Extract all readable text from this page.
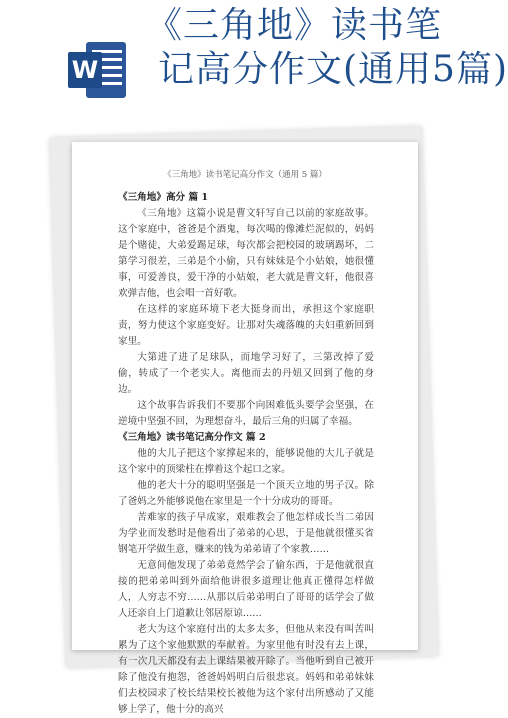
W
《三角地》读书笔
记高分作文(通用5篇)
《三角地》读书笔记高分作文（通用 5 篇）
《三角地》高分 篇 1

《三角地》这篇小说是曹文轩写自己以前的家庭故事。这个家庭中，爸爸是个酒鬼，每次喝的像滩烂泥似的，妈妈是个赌徒，大弟爱踢足球，每次都会把校园的玻璃踢坏，二第学习很差，三弟是个小偷，只有妹妹是个小姑娘，她很懂事，可爱善良，爱干净的小姑娘，老大就是曹文轩，他很喜欢弹吉他，也会唱一首好歌。

在这样的家庭环境下老大挺身而出，承担这个家庭职责，努力使这个家庭变好。让那对失魂落魄的夫妇重新回到家里。

大第进了进了足球队，而地学习好了，三第改掉了爱偷，转成了一个老实人。离他而去的丹妞又回到了他的身边。

这个故事告诉我们不要那个向困难低头要学会坚强，在逆境中坚强不回，为理想奋斗，最后三角的归属了幸福。

《三角地》读书笔记高分作文 篇 2

他的大儿子把这个家撑起来的，能够说他的大儿子就是这个家中的顶梁柱在撑着这个起口之家。

他的老大十分的聪明坚强是一个顶天立地的男子汉。除了爸妈之外能够说他在家里是一个十分成功的哥哥。

苦难家的孩子早成家，艰难教会了他怎样成长当二弟因为学业而发愁时是他看出了弟弟的心思，于是他就很懂买省钢笔开学做生意，赚来的钱为弟弟请了个家教……

无意间他发现了弟弟竟然学会了偷东西，于是他就很直接的把弟弟叫到外面给他讲很多道理让他真正懂得怎样做人，人穷志不穷……从那以后弟弟明白了哥哥的话学会了做人还亲自上门道歉让邻居原谅……

老大为这个家庭付出的太多太多，但他从来没有叫苦叫累为了这个家他默默的奉献着。为家里他有时没有去上课，有一次几天都没有去上课结果被开除了。当他听到自己被开除了他没有抱怨，爸爸妈妈明白后很悲哀。妈妈和弟弟妹妹们去校园求了校长结果校长被他为这个家付出所感动了又能够上学了，他十分的高兴
